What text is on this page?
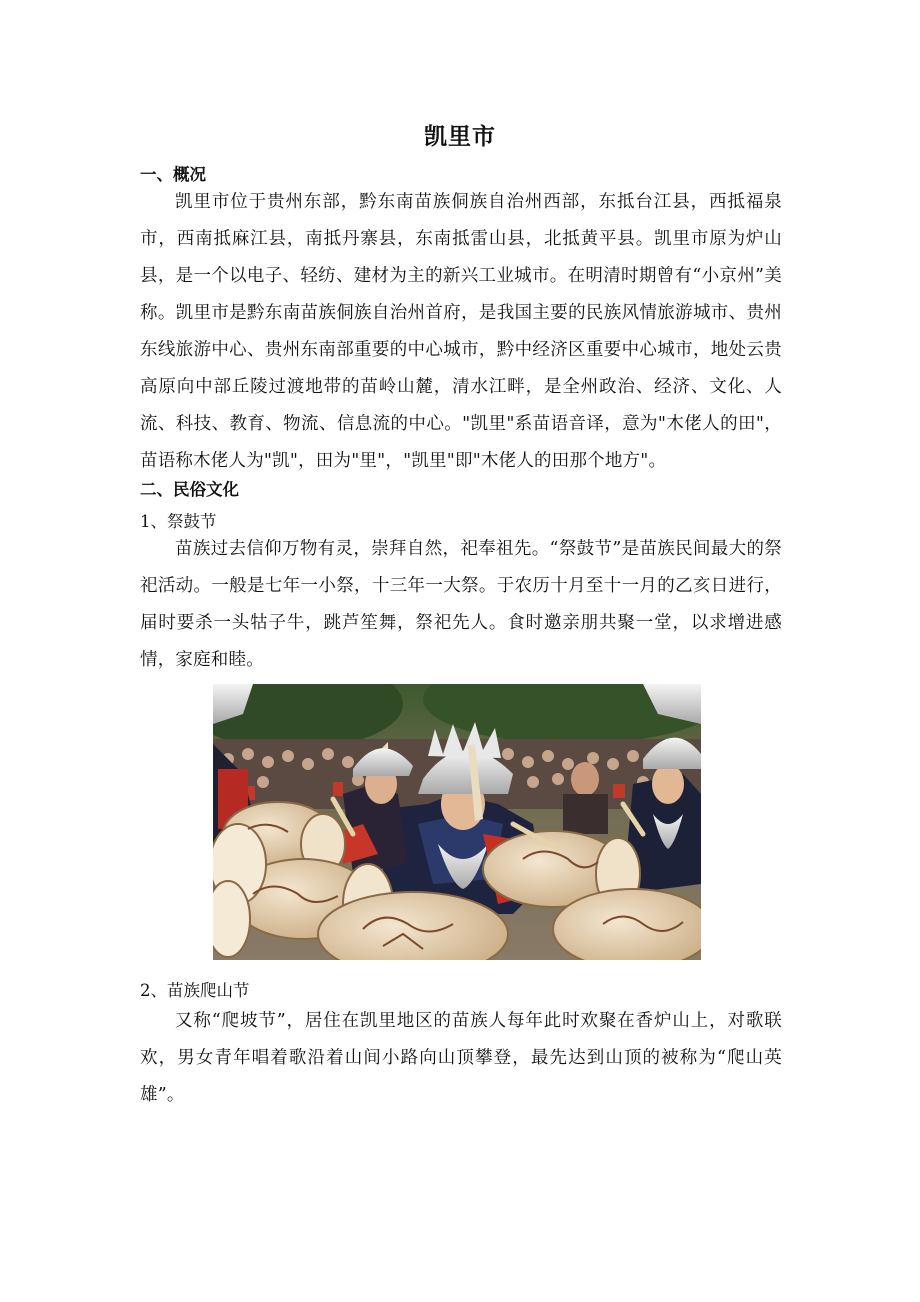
凯里市
一、概况
凯里市位于贵州东部，黔东南苗族侗族自治州西部，东抵台江县，西抵福泉市，西南抵麻江县，南抵丹寨县，东南抵雷山县，北抵黄平县。凯里市原为炉山县，是一个以电子、轻纺、建材为主的新兴工业城市。在明清时期曾有“小京州”美称。凯里市是黔东南苗族侗族自治州首府，是我国主要的民族风情旅游城市、贵州东线旅游中心、贵州东南部重要的中心城市，黔中经济区重要中心城市，地处云贵高原向中部丘陵过渡地带的苗岭山麓，清水江畔，是全州政治、经济、文化、人流、科技、教育、物流、信息流的中心。"凯里"系苗语音译，意为"木佬人的田"，苗语称木佬人为"凯"，田为"里"，"凯里"即"木佬人的田那个地方"。
二、民俗文化
1、祭鼓节
苗族过去信仰万物有灵，崇拜自然，祀奉祖先。“祭鼓节”是苗族民间最大的祭祀活动。一般是七年一小祭，十三年一大祭。于农历十月至十一月的乙亥日进行，届时要杀一头牯子牛，跳芦笙舞，祭祀先人。食时邀亲朋共聚一堂，以求增进感情，家庭和睦。
2、苗族爬山节
又称“爬坡节”，居住在凯里地区的苗族人每年此时欢聚在香炉山上，对歌联欢，男女青年唱着歌沿着山间小路向山顶攀登，最先达到山顶的被称为“爬山英雄”。
